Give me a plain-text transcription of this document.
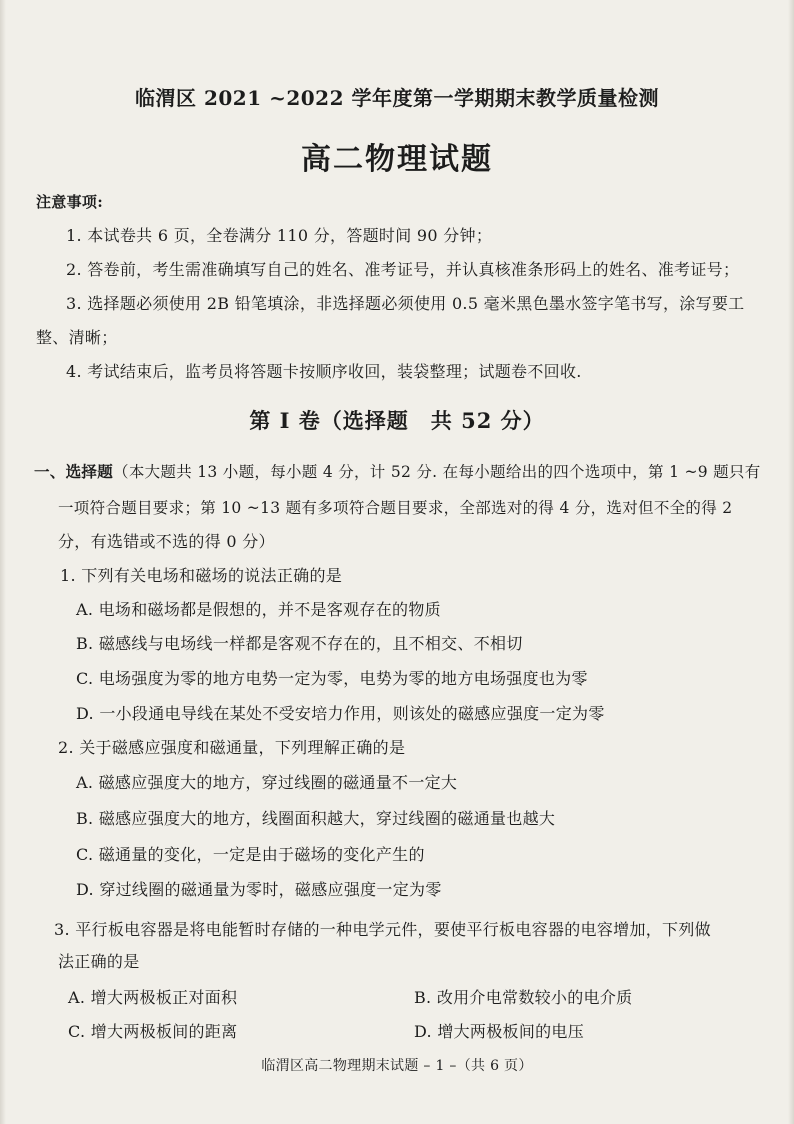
临渭区 2021 ~2022 学年度第一学期期末教学质量检测
高二物理试题
注意事项:
1. 本试卷共 6 页，全卷满分 110 分，答题时间 90 分钟；
2. 答卷前，考生需准确填写自己的姓名、准考证号，并认真核准条形码上的姓名、准考证号；
3. 选择题必须使用 2B 铅笔填涂，非选择题必须使用 0.5 毫米黑色墨水签字笔书写，涂写要工
整、清晰；
4. 考试结束后，监考员将答题卡按顺序收回，装袋整理；试题卷不回收.
第 Ⅰ 卷（选择题　共 52 分）
一、选择题（本大题共 13 小题，每小题 4 分，计 52 分. 在每小题给出的四个选项中，第 1 ~9 题只有
一项符合题目要求；第 10 ~13 题有多项符合题目要求，全部选对的得 4 分，选对但不全的得 2
分，有选错或不选的得 0 分）
1. 下列有关电场和磁场的说法正确的是
A. 电场和磁场都是假想的，并不是客观存在的物质
B. 磁感线与电场线一样都是客观不存在的，且不相交、不相切
C. 电场强度为零的地方电势一定为零，电势为零的地方电场强度也为零
D. 一小段通电导线在某处不受安培力作用，则该处的磁感应强度一定为零
2. 关于磁感应强度和磁通量，下列理解正确的是
A. 磁感应强度大的地方，穿过线圈的磁通量不一定大
B. 磁感应强度大的地方，线圈面积越大，穿过线圈的磁通量也越大
C. 磁通量的变化，一定是由于磁场的变化产生的
D. 穿过线圈的磁通量为零时，磁感应强度一定为零
3. 平行板电容器是将电能暂时存储的一种电学元件，要使平行板电容器的电容增加，下列做
法正确的是
A. 增大两极板正对面积	B. 改用介电常数较小的电介质
C. 增大两极板间的距离	D. 增大两极板间的电压
临渭区高二物理期末试题 – 1 –（共 6 页）
